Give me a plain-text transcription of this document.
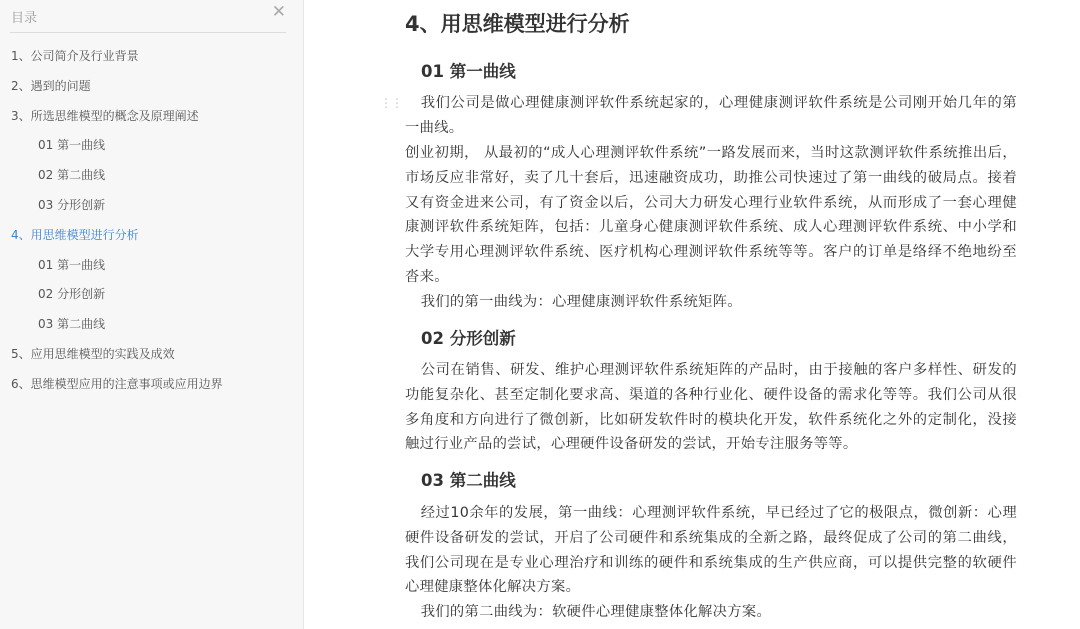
目录	✕
1、公司简介及行业背景
2、遇到的问题
3、所选思维模型的概念及原理阐述
01 第一曲线
02 第二曲线
03 分形创新
4、用思维模型进行分析
01 第一曲线
02 分形创新
03 第二曲线
5、应用思维模型的实践及成效
6、思维模型应用的注意事项或应用边界
⋮⋮
4、用思维模型进行分析
01 第一曲线
我们公司是做心理健康测评软件系统起家的，心理健康测评软件系统是公司刚开始几年的第一曲线。
创业初期， 从最初的“成人心理测评软件系统”一路发展而来，当时这款测评软件系统推出后，市场反应非常好，卖了几十套后，迅速融资成功，助推公司快速过了第一曲线的破局点。接着又有资金进来公司，有了资金以后，公司大力研发心理行业软件系统，从而形成了一套心理健康测评软件系统矩阵，包括：儿童身心健康测评软件系统、成人心理测评软件系统、中小学和大学专用心理测评软件系统、医疗机构心理测评软件系统等等。客户的订单是络绎不绝地纷至沓来。
我们的第一曲线为：心理健康测评软件系统矩阵。
02 分形创新
公司在销售、研发、维护心理测评软件系统矩阵的产品时，由于接触的客户多样性、研发的功能复杂化、甚至定制化要求高、渠道的各种行业化、硬件设备的需求化等等。我们公司从很多角度和方向进行了微创新，比如研发软件时的模块化开发，软件系统化之外的定制化，没接触过行业产品的尝试，心理硬件设备研发的尝试，开始专注服务等等。
03 第二曲线
经过10余年的发展，第一曲线：心理测评软件系统，早已经过了它的极限点，微创新：心理硬件设备研发的尝试，开启了公司硬件和系统集成的全新之路，最终促成了公司的第二曲线，我们公司现在是专业心理治疗和训练的硬件和系统集成的生产供应商，可以提供完整的软硬件心理健康整体化解决方案。
我们的第二曲线为：软硬件心理健康整体化解决方案。
